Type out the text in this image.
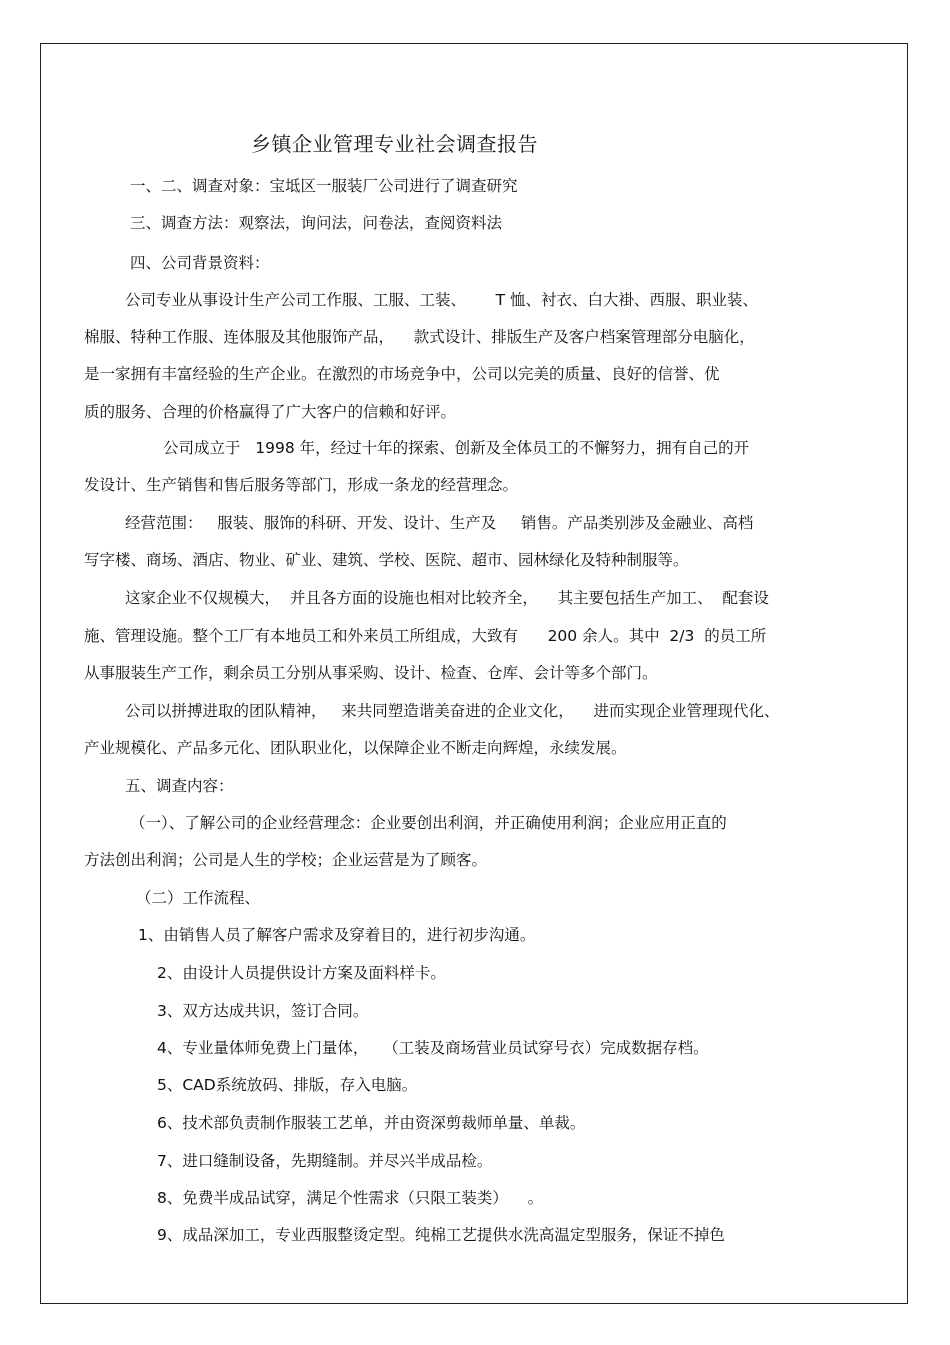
乡镇企业管理专业社会调查报告
一、二、调查对象：宝坻区一服装厂公司进行了调查研究
三、调查方法：观察法，询问法，问卷法，查阅资料法
四、公司背景资料：
公司专业从事设计生产公司工作服、工服、工装、      T 恤、衬衣、白大褂、西服、职业装、
棉服、特种工作服、连体服及其他服饰产品，    款式设计、排版生产及客户档案管理部分电脑化，
是一家拥有丰富经验的生产企业。在激烈的市场竞争中，公司以完美的质量、良好的信誉、优
质的服务、合理的价格赢得了广大客户的信赖和好评。
公司成立于   1998 年，经过十年的探索、创新及全体员工的不懈努力，拥有自己的开
发设计、生产销售和售后服务等部门，形成一条龙的经营理念。
经营范围：   服装、服饰的科研、开发、设计、生产及     销售。产品类别涉及金融业、高档
写字楼、商场、酒店、物业、矿业、建筑、学校、医院、超市、园林绿化及特种制服等。
这家企业不仅规模大，  并且各方面的设施也相对比较齐全，    其主要包括生产加工、  配套设
施、管理设施。整个工厂有本地员工和外来员工所组成，大致有      200 余人。其中  2/3  的员工所
从事服装生产工作，剩余员工分别从事采购、设计、检查、仓库、会计等多个部门。
公司以拼搏进取的团队精神，   来共同塑造谐美奋进的企业文化，    进而实现企业管理现代化、
产业规模化、产品多元化、团队职业化，以保障企业不断走向辉煌，永续发展。
五、调查内容：
（一）、了解公司的企业经营理念：企业要创出利润，并正确使用利润；企业应用正直的
方法创出利润；公司是人生的学校；企业运营是为了顾客。
（二）工作流程、
1、由销售人员了解客户需求及穿着目的，进行初步沟通。
2、由设计人员提供设计方案及面料样卡。
3、双方达成共识，签订合同。
4、专业量体师免费上门量体，   （工装及商场营业员试穿号衣）完成数据存档。
5、CAD系统放码、排版，存入电脑。
6、技术部负责制作服装工艺单，并由资深剪裁师单量、单裁。
7、进口缝制设备，先期缝制。并尽兴半成品检。
8、免费半成品试穿，满足个性需求（只限工装类）    。
9、成品深加工，专业西服整烫定型。纯棉工艺提供水洗高温定型服务，保证不掉色
